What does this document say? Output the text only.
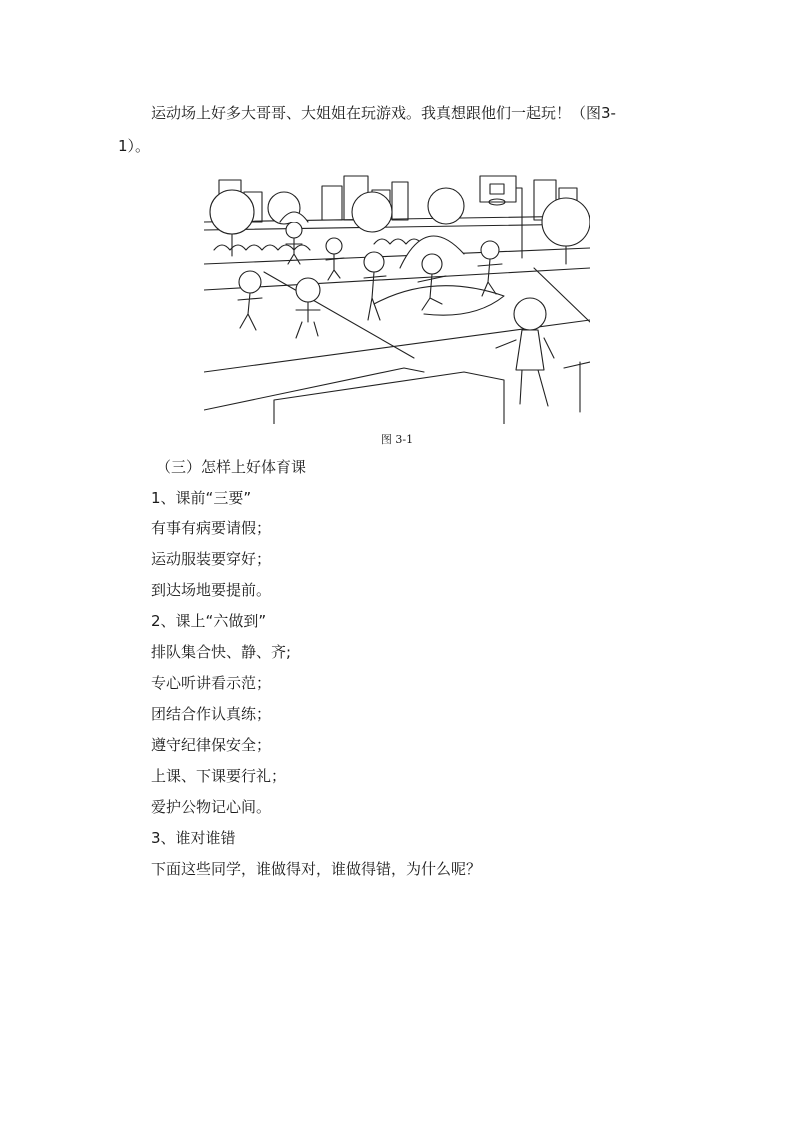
运动场上好多大哥哥、大姐姐在玩游戏。我真想跟他们一起玩！（图3-1）。

图 3-1
（三）怎样上好体育课
1、课前“三要”
有事有病要请假；
运动服装要穿好；
到达场地要提前。
2、课上“六做到”
排队集合快、静、齐;
专心听讲看示范；
团结合作认真练；
遵守纪律保安全；
上课、下课要行礼；
爱护公物记心间。
3、谁对谁错
下面这些同学，谁做得对，谁做得错，为什么呢？
